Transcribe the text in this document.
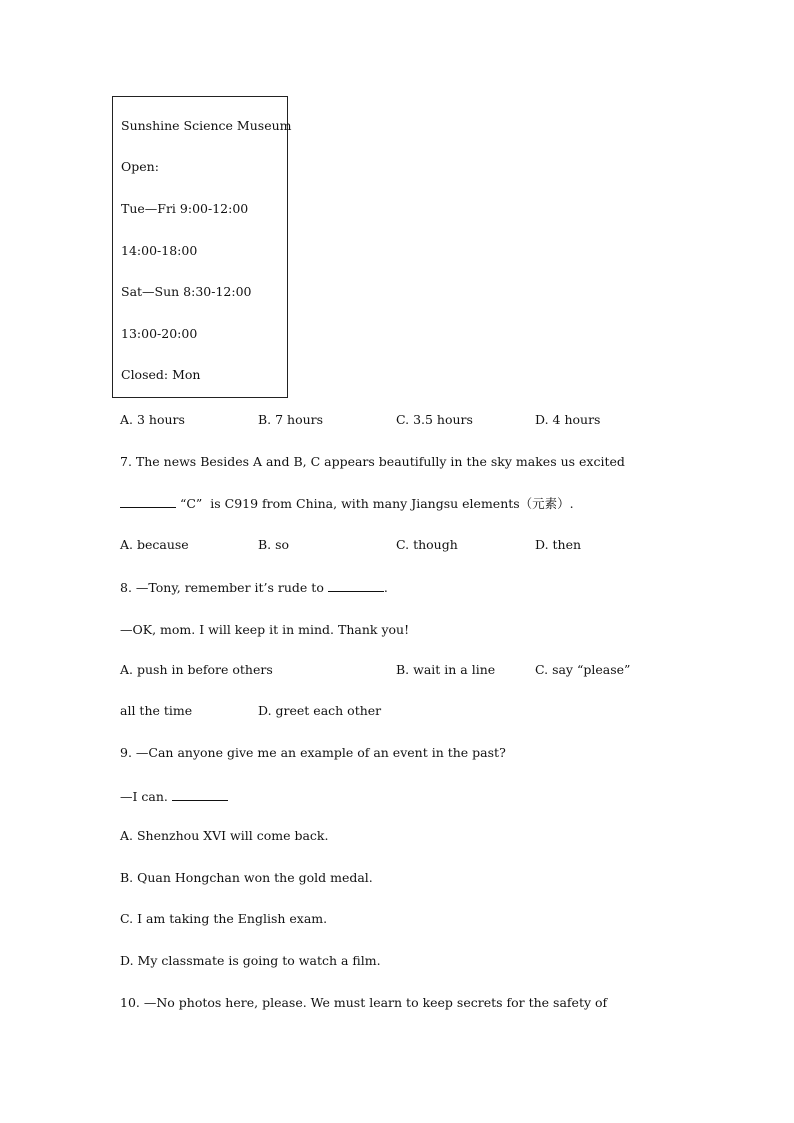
Sunshine Science Museum
Open:
Tue—Fri 9:00-12:00
14:00-18:00
Sat—Sun 8:30-12:00
13:00-20:00
Closed: Mon
A. 3 hours	B. 7 hours	C. 3.5 hours	D. 4 hours
7. The news Besides A and B, C appears beautifully in the sky makes us excited
“C”  is C919 from China, with many Jiangsu elements（元素）.
A. because	B. so	C. though	D. then
8. —Tony, remember it’s rude to	.
—OK, mom. I will keep it in mind. Thank you!
A. push in before others	B. wait in a line	C. say “please”
all the time	D. greet each other
9. —Can anyone give me an example of an event in the past?
—I can.
A. Shenzhou XVI will come back.
B. Quan Hongchan won the gold medal.
C. I am taking the English exam.
D. My classmate is going to watch a film.
10. —No photos here, please. We must learn to keep secrets for the safety of
